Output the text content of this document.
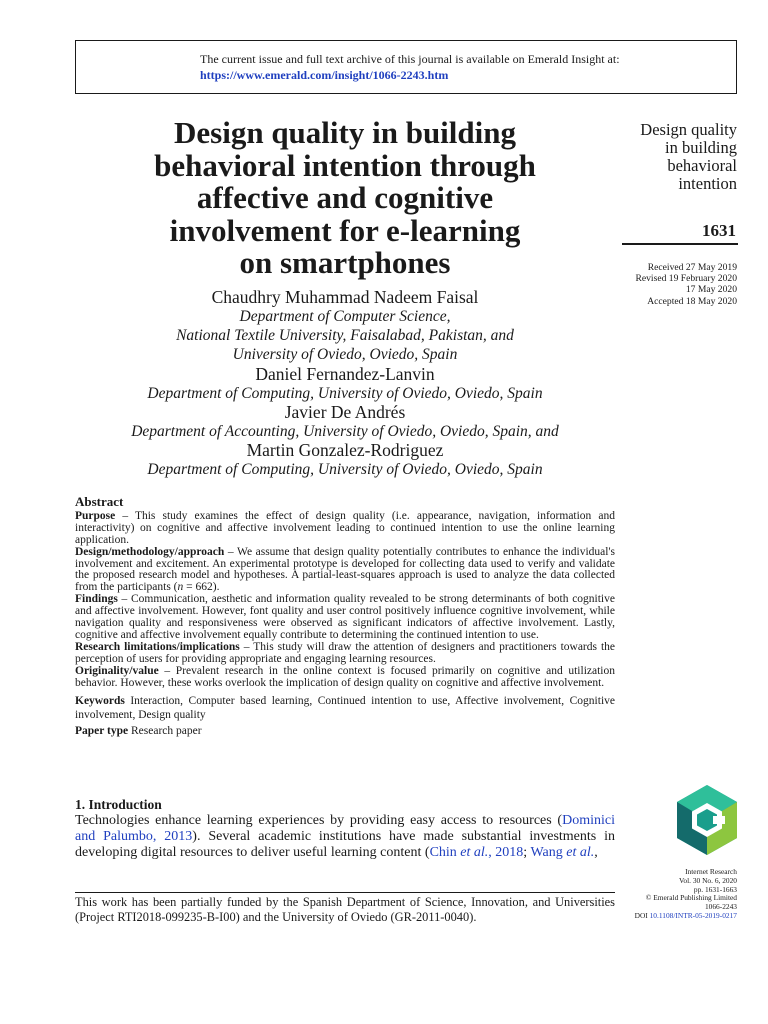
The current issue and full text archive of this journal is available on Emerald Insight at:
https://www.emerald.com/insight/1066-2243.htm
Design quality in building
behavioral intention through
affective and cognitive
involvement for e-learning
on smartphones
Chaudhry Muhammad Nadeem Faisal
Department of Computer Science,
National Textile University, Faisalabad, Pakistan, and
University of Oviedo, Oviedo, Spain
Daniel Fernandez-Lanvin
Department of Computing, University of Oviedo, Oviedo, Spain
Javier De Andrés
Department of Accounting, University of Oviedo, Oviedo, Spain, and
Martin Gonzalez-Rodriguez
Department of Computing, University of Oviedo, Oviedo, Spain
Design quality
in building
behavioral
intention
1631
Received 27 May 2019
Revised 19 February 2020
17 May 2020
Accepted 18 May 2020
Abstract

Purpose – This study examines the effect of design quality (i.e. appearance, navigation, information and interactivity) on cognitive and affective involvement leading to continued intention to use the online learning application.

Design/methodology/approach – We assume that design quality potentially contributes to enhance the individual's involvement and excitement. An experimental prototype is developed for collecting data used to verify and validate the proposed research model and hypotheses. A partial-least-squares approach is used to analyze the data collected from the participants (n = 662).

Findings – Communication, aesthetic and information quality revealed to be strong determinants of both cognitive and affective involvement. However, font quality and user control positively influence cognitive involvement, while navigation quality and responsiveness were observed as significant indicators of affective involvement. Lastly, cognitive and affective involvement equally contribute to determining the continued intention to use.

Research limitations/implications – This study will draw the attention of designers and practitioners towards the perception of users for providing appropriate and engaging learning resources.

Originality/value – Prevalent research in the online context is focused primarily on cognitive and utilization behavior. However, these works overlook the implication of design quality on cognitive and affective involvement.

Keywords Interaction, Computer based learning, Continued intention to use, Affective involvement, Cognitive involvement, Design quality

Paper type Research paper

1. Introduction
Technologies enhance learning experiences by providing easy access to resources (Dominici and Palumbo, 2013). Several academic institutions have made substantial investments in developing digital resources to deliver useful learning content (Chin et al., 2018; Wang et al.,
Internet Research
Vol. 30 No. 6, 2020
pp. 1631-1663
© Emerald Publishing Limited
1066-2243
DOI 10.1108/INTR-05-2019-0217
This work has been partially funded by the Spanish Department of Science, Innovation, and Universities (Project RTI2018-099235-B-I00) and the University of Oviedo (GR-2011-0040).
